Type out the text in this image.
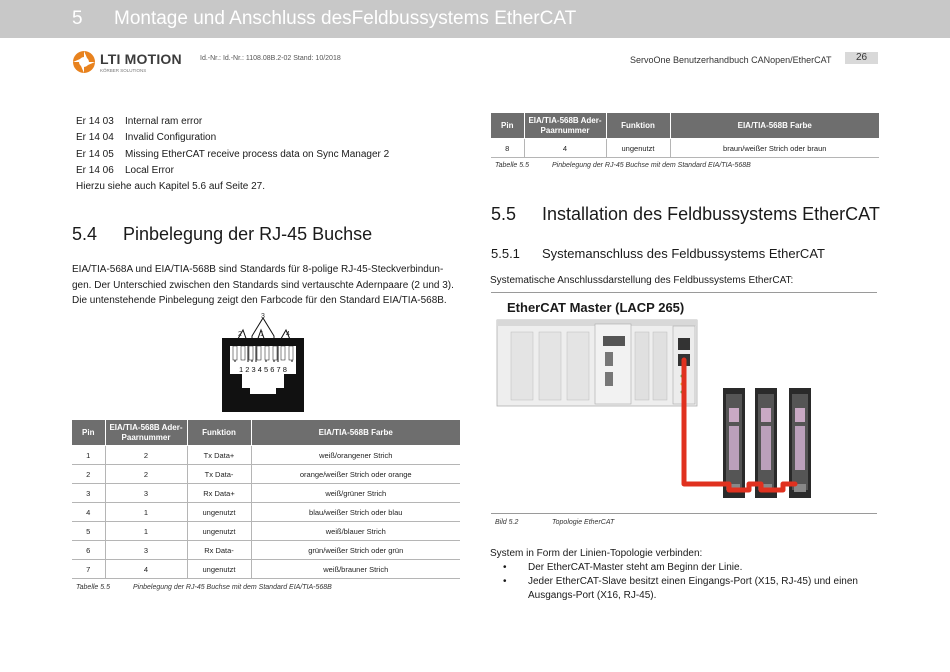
5 Montage und Anschluss desFeldbussystems EtherCAT
LTI MOTION
KÖRBER SOLUTIONS
Id.-Nr.: Id.-Nr.: 1108.08B.2-02 Stand: 10/2018	ServoOne Benutzerhandbuch CANopen/EtherCAT	26
Er 14 03	Internal ram error
Er 14 04	Invalid Configuration
Er 14 05	Missing EtherCAT receive process data on Sync Manager 2
Er 14 06	Local Error
Hierzu siehe auch Kapitel 5.6 auf Seite 27.
5.4 Pinbelegung der RJ-45 Buchse
EIA/TIA-568A und EIA/TIA-568B sind Standards für 8-polige RJ-45-Steckverbindun-gen. Der Unterschied zwischen den Standards sind vertauschte Adernpaare (2 und 3). Die untenstehende Pinbelegung zeigt den Farbcode für den Standard EIA/TIA-568B.
3
2	1	4
1 2 3 4 5 6 7 8
Pin	EIA/TIA-568B Ader-Paarnummer	Funktion	EIA/TIA-568B Farbe
1	2	Tx Data+	weiß/orangener Strich
2	2	Tx Data-	orange/weißer Strich oder orange
3	3	Rx Data+	weiß/grüner Strich
4	1	ungenutzt	blau/weißer Strich oder blau
5	1	ungenutzt	weiß/blauer Strich
6	3	Rx Data-	grün/weißer Strich oder grün
7	4	ungenutzt	weiß/brauner Strich
Tabelle 5.5	Pinbelegung der RJ-45 Buchse mit dem Standard EIA/TIA-568B
Pin	EIA/TIA-568B Ader-Paarnummer	Funktion	EIA/TIA-568B Farbe
8	4	ungenutzt	braun/weißer Strich oder braun
Tabelle 5.5	Pinbelegung der RJ-45 Buchse mit dem Standard EIA/TIA-568B
5.5 Installation des Feldbussystems EtherCAT
5.5.1 Systemanschluss des Feldbussystems EtherCAT
Systematische Anschlussdarstellung des Feldbussystems EtherCAT:
EtherCAT Master (LACP 265)
Bild 5.2	Topologie EtherCAT
System in Form der Linien-Topologie verbinden:
• Der EtherCAT-Master steht am Beginn der Linie.
• Jeder EtherCAT-Slave besitzt einen Eingangs-Port (X15, RJ-45) und einen Ausgangs-Port (X16, RJ-45).
